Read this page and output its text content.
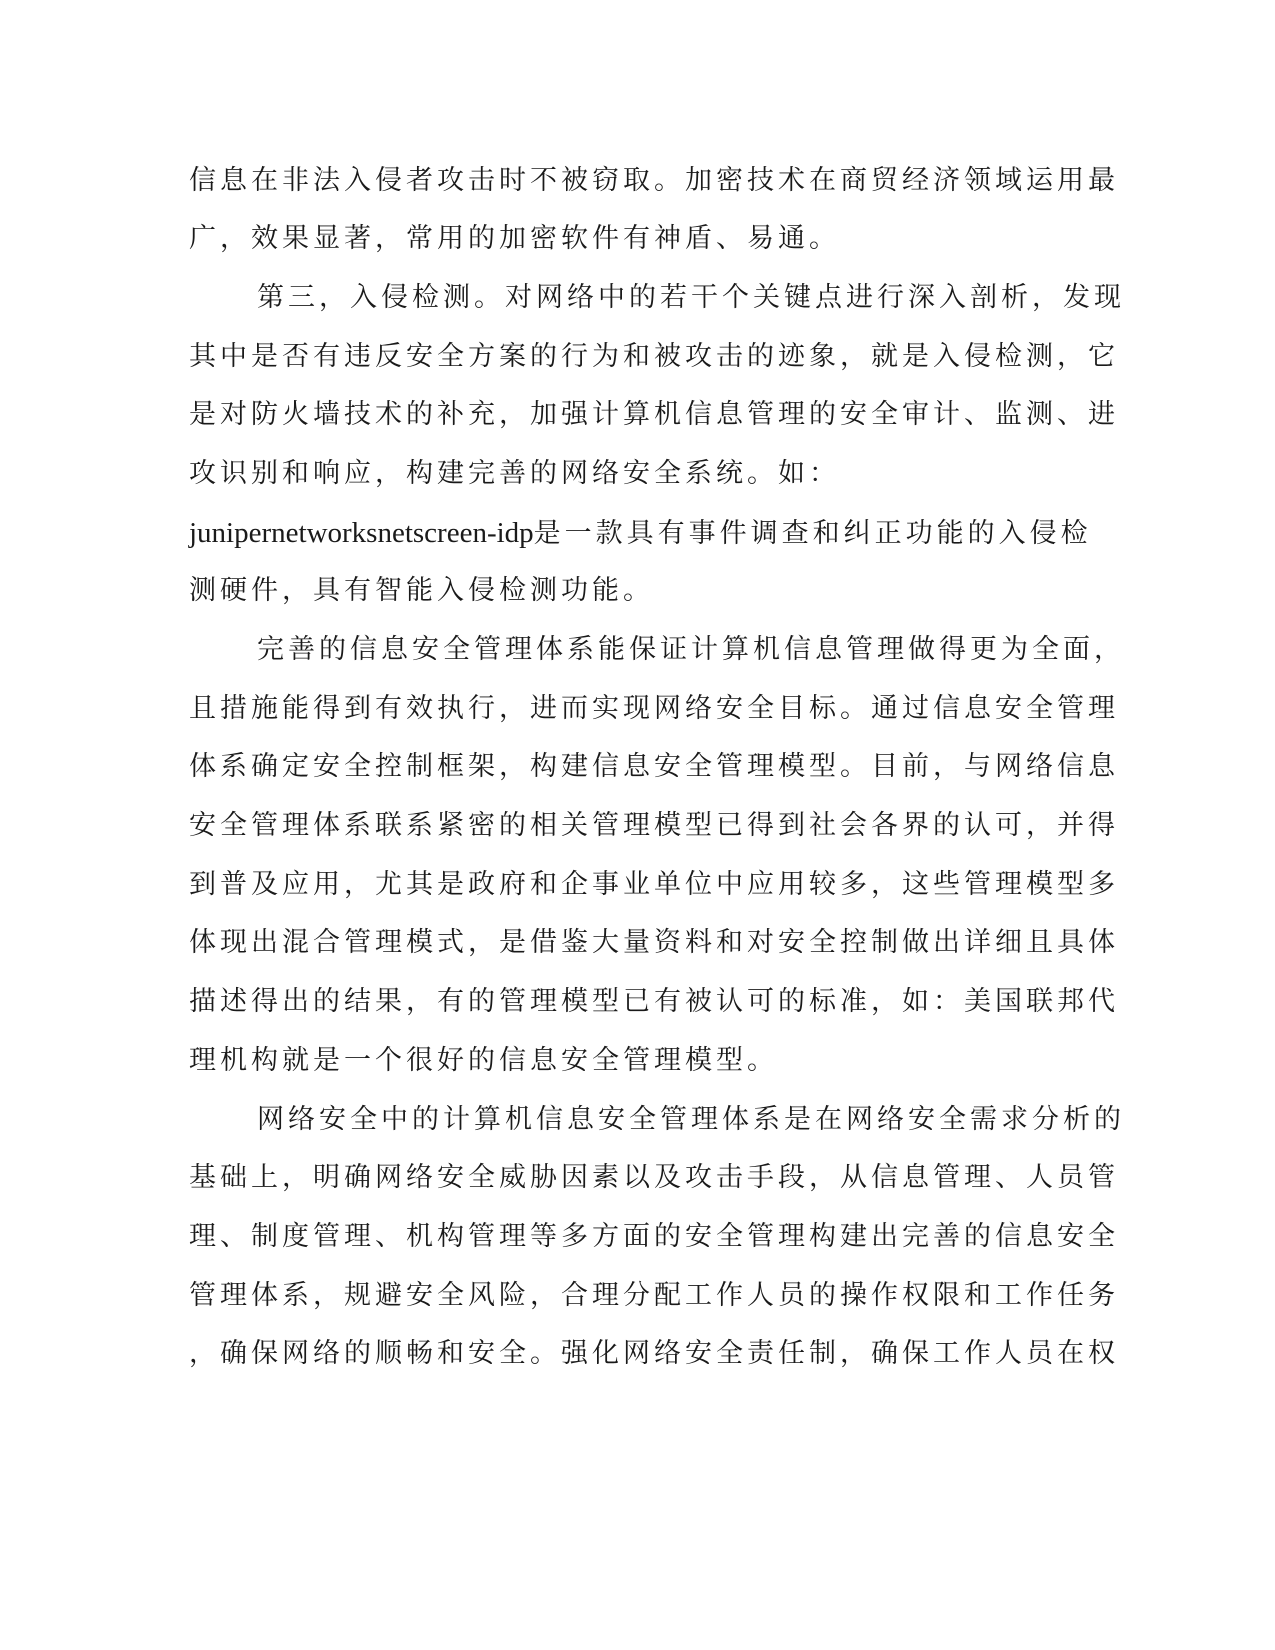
信息在非法入侵者攻击时不被窃取。加密技术在商贸经济领域运用最
广，效果显著，常用的加密软件有神盾、易通。
第三，入侵检测。对网络中的若干个关键点进行深入剖析，发现
其中是否有违反安全方案的行为和被攻击的迹象，就是入侵检测，它
是对防火墙技术的补充，加强计算机信息管理的安全审计、监测、进
攻识别和响应，构建完善的网络安全系统。如：
junipernetworksnetscreen-idp是一款具有事件调查和纠正功能的入侵检
测硬件，具有智能入侵检测功能。
完善的信息安全管理体系能保证计算机信息管理做得更为全面，
且措施能得到有效执行，进而实现网络安全目标。通过信息安全管理
体系确定安全控制框架，构建信息安全管理模型。目前，与网络信息
安全管理体系联系紧密的相关管理模型已得到社会各界的认可，并得
到普及应用，尤其是政府和企事业单位中应用较多，这些管理模型多
体现出混合管理模式，是借鉴大量资料和对安全控制做出详细且具体
描述得出的结果，有的管理模型已有被认可的标准，如：美国联邦代
理机构就是一个很好的信息安全管理模型。
网络安全中的计算机信息安全管理体系是在网络安全需求分析的
基础上，明确网络安全威胁因素以及攻击手段，从信息管理、人员管
理、制度管理、机构管理等多方面的安全管理构建出完善的信息安全
管理体系，规避安全风险，合理分配工作人员的操作权限和工作任务
，确保网络的顺畅和安全。强化网络安全责任制，确保工作人员在权
